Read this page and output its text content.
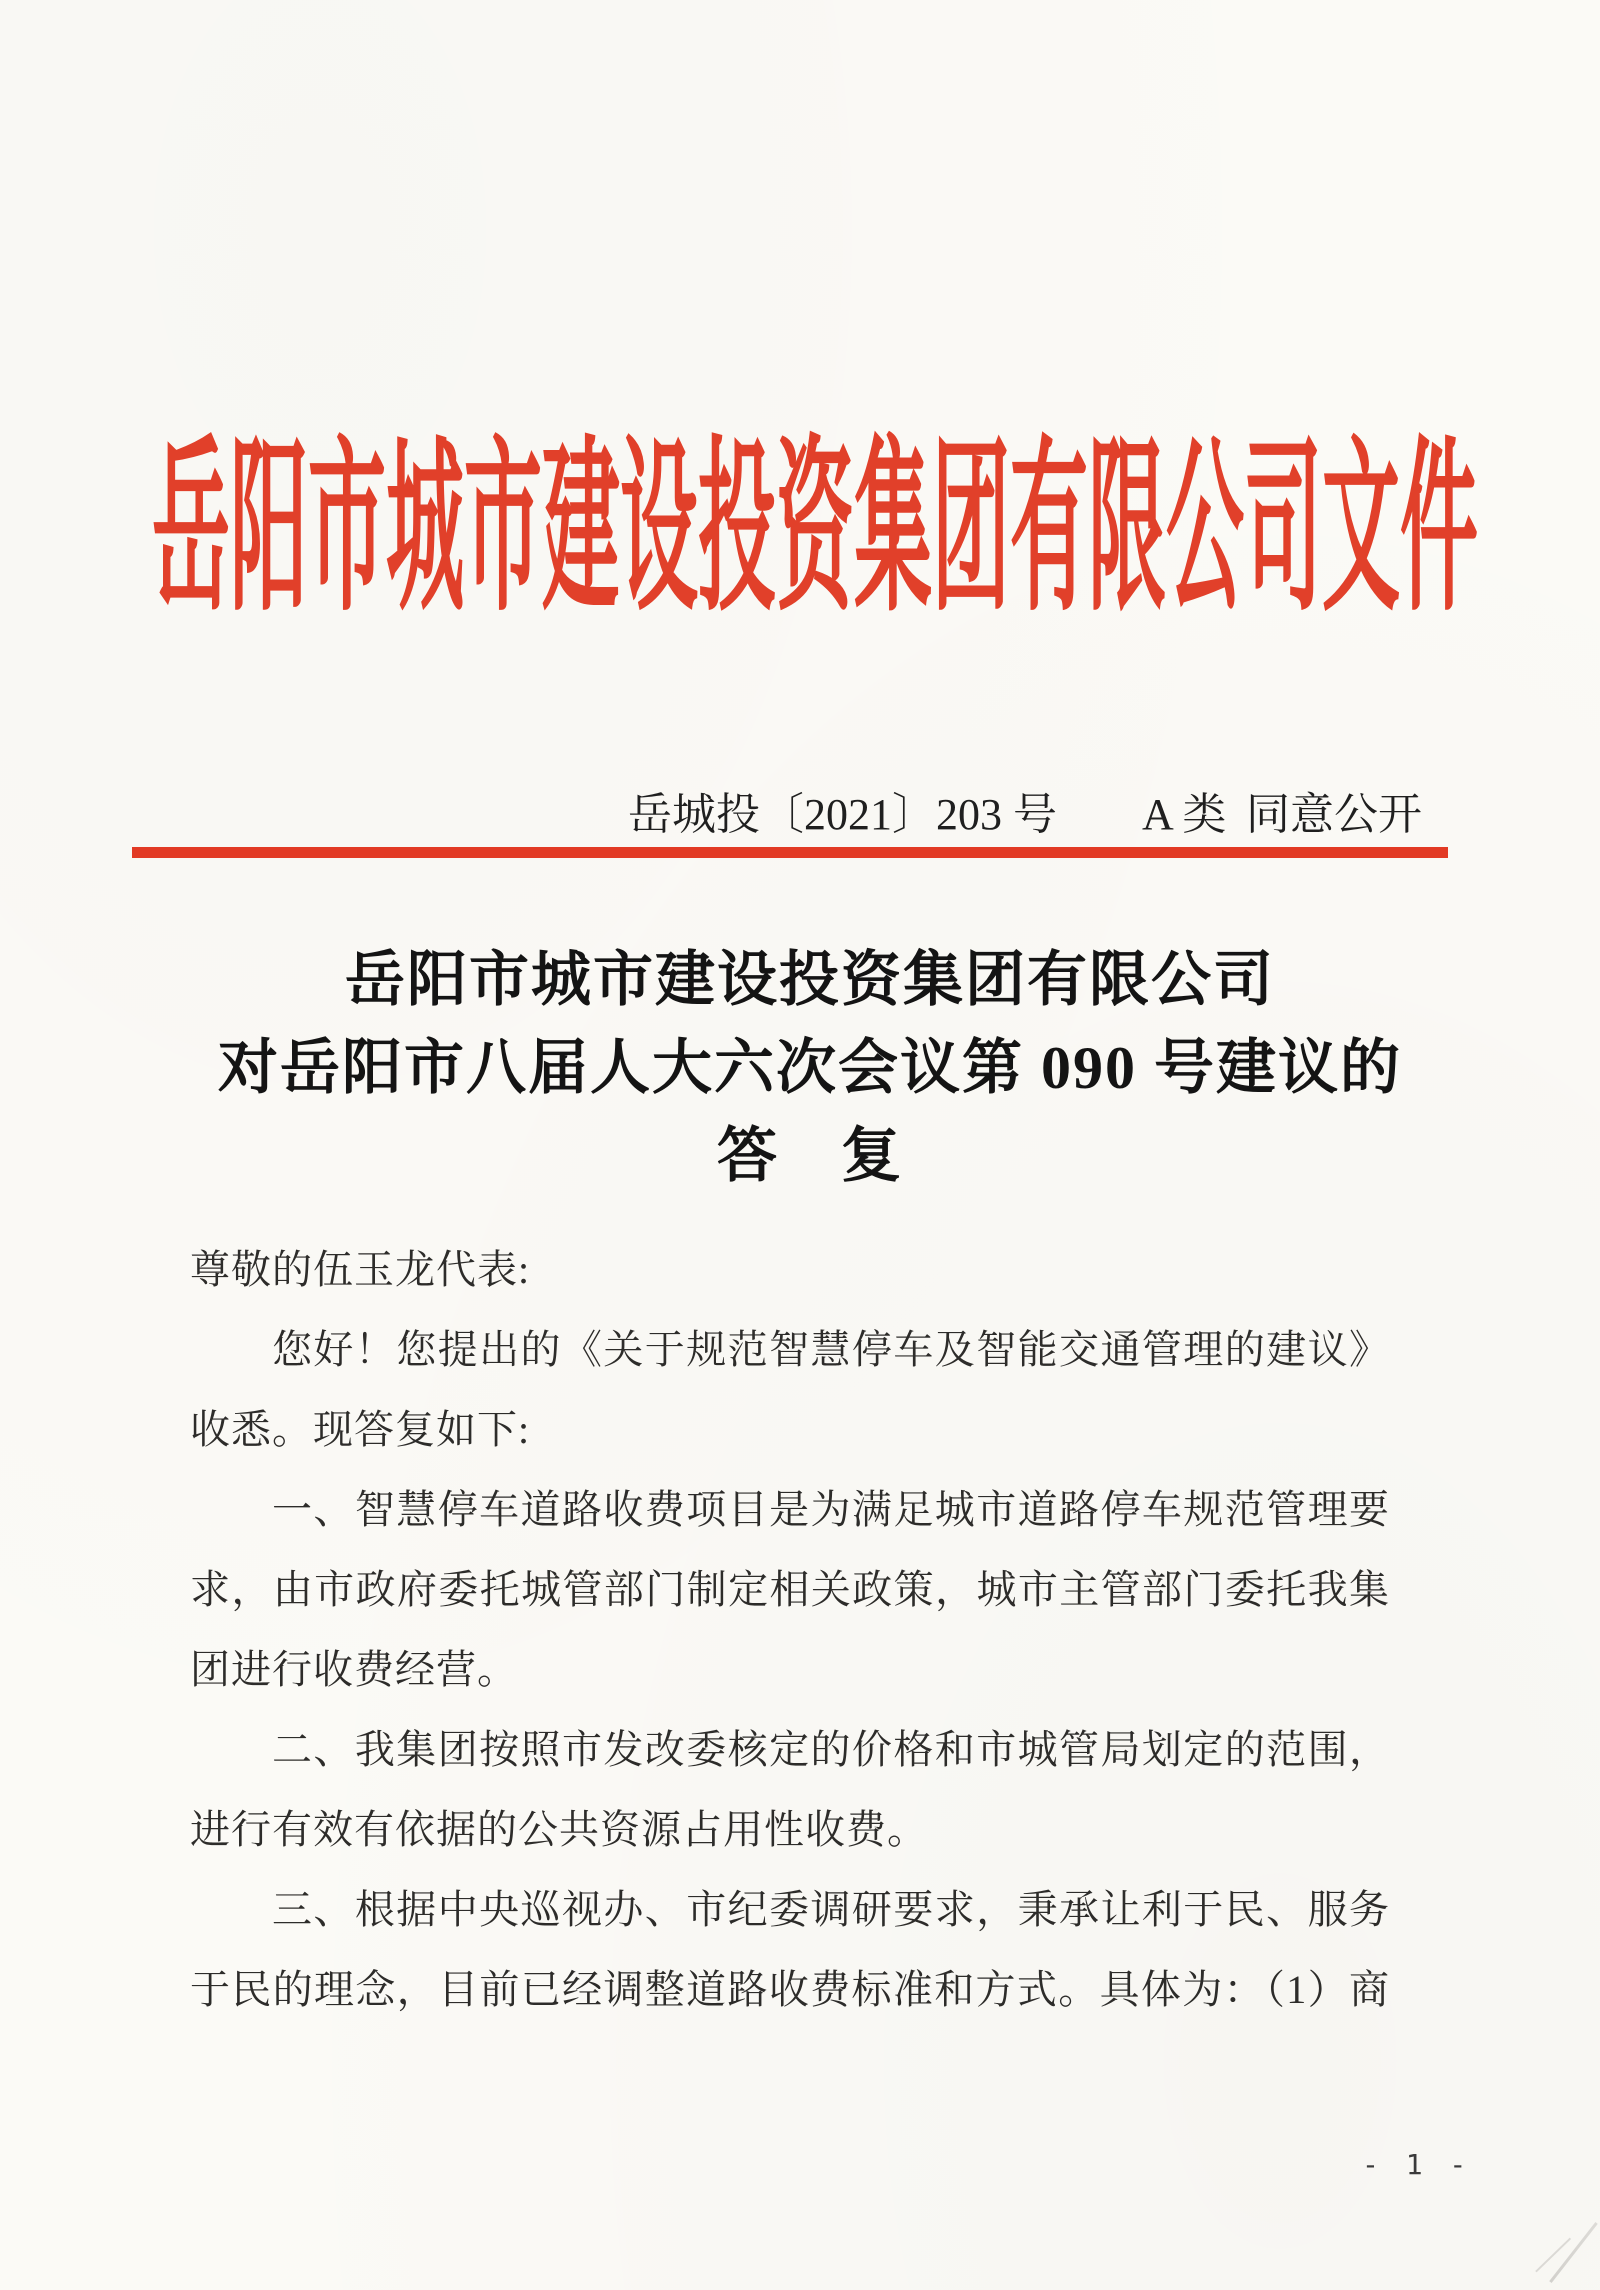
岳阳市城市建设投资集团有限公司文件
岳城投〔2021〕203 号 A 类 同意公开
岳阳市城市建设投资集团有限公司
对岳阳市八届人大六次会议第 090 号建议的
答　复
尊敬的伍玉龙代表:
您好！您提出的《关于规范智慧停车及智能交通管理的建议》
收悉。现答复如下:
一、智慧停车道路收费项目是为满足城市道路停车规范管理要
求，由市政府委托城管部门制定相关政策，城市主管部门委托我集
团进行收费经营。
二、我集团按照市发改委核定的价格和市城管局划定的范围，
进行有效有依据的公共资源占用性收费。
三、根据中央巡视办、市纪委调研要求，秉承让利于民、服务
于民的理念，目前已经调整道路收费标准和方式。具体为：（1）商
- 1 -
